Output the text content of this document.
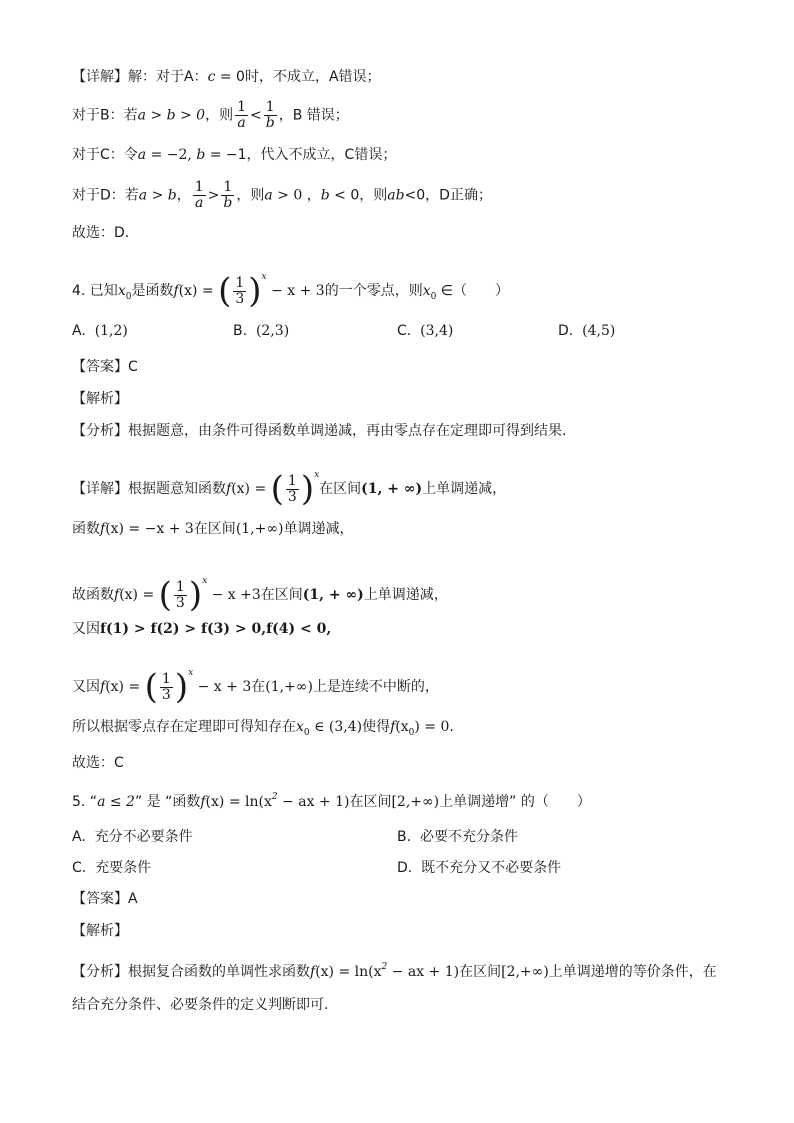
【详解】解：对于A：c = 0时，不成立，A错误；
对于B：若a > b > 0，则 $\frac{1}{a} < \frac{1}{b}$ ，B 错误；
对于C：令a = −2, b = −1，代入不成立，C错误；
对于D：若a > b， $\frac{1}{a} > \frac{1}{b}$ ，则a > 0 ，b < 0，则ab<0，D正确；
故选：D．
4. 已知$x_0$是函数f(x) = ( $\frac{1}{3}$ ) $^x$ − x + 3的一个零点，则$x_0$ ∈（　　）
A. (1,2)	B. (2,3)	C. (3,4)	D. (4,5)
【答案】C
【解析】
【分析】根据题意，由条件可得函数单调递减，再由零点存在定理即可得到结果.
【详解】根据题意知函数f(x) = ( $\frac{1}{3}$ ) $^x$在区间(1, + ∞)上单调递减，
函数f(x) = −x + 3在区间(1,+∞)单调递减，
故函数f(x) = ( $\frac{1}{3}$ ) $^x$ − x +3在区间(1, + ∞)上单调递减，
又因f(1) > f(2) > f(3) > 0,f(4) < 0,
又因f(x) = ( $\frac{1}{3}$ ) $^x$ − x + 3在(1,+∞)上是连续不中断的，
所以根据零点存在定理即可得知存在$x_0$ ∈ (3,4)使得$f(x_0) = 0$.
故选：C
5. “a ≤ 2” 是 “函数$f(x) = \ln(x^2$ − ax + 1)在区间[2,+∞)上单调递增” 的（　　）
A. 充分不必要条件	B. 必要不充分条件
C. 充要条件	D. 既不充分又不必要条件
【答案】A
【解析】
【分析】根据复合函数的单调性求函数$f(x) = \ln(x^2$ − ax + 1)在区间[2,+∞)上单调递增的等价条件，在
结合充分条件、必要条件的定义判断即可.
